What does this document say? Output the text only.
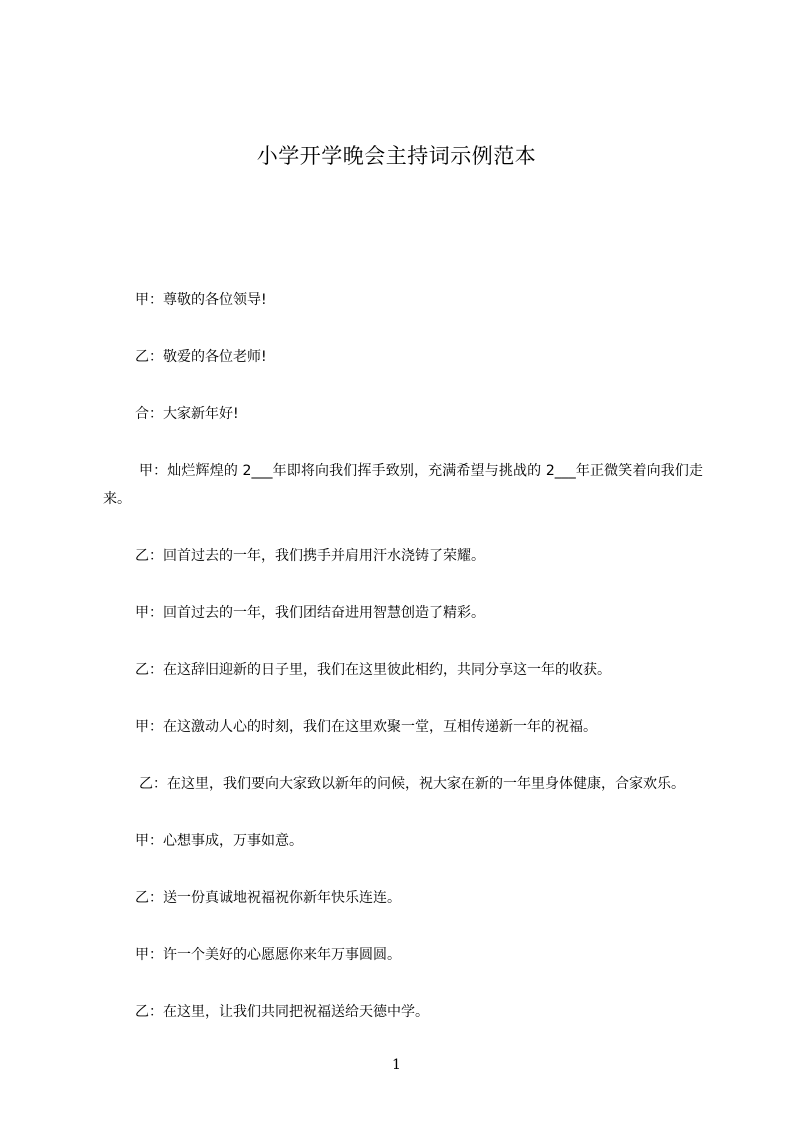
小学开学晚会主持词示例范本

甲：尊敬的各位领导!

乙：敬爱的各位老师!

合：大家新年好!

甲：灿烂辉煌的 2___年即将向我们挥手致别，充满希望与挑战的 2___年正微笑着向我们走来。

乙：回首过去的一年，我们携手并肩用汗水浇铸了荣耀。

甲：回首过去的一年，我们团结奋进用智慧创造了精彩。

乙：在这辞旧迎新的日子里，我们在这里彼此相约，共同分享这一年的收获。

甲：在这激动人心的时刻，我们在这里欢聚一堂，互相传递新一年的祝福。

乙：在这里，我们要向大家致以新年的问候，祝大家在新的一年里身体健康，合家欢乐。

甲：心想事成，万事如意。

乙：送一份真诚地祝福祝你新年快乐连连。

甲：许一个美好的心愿愿你来年万事圆圆。

乙：在这里，让我们共同把祝福送给天德中学。

1
